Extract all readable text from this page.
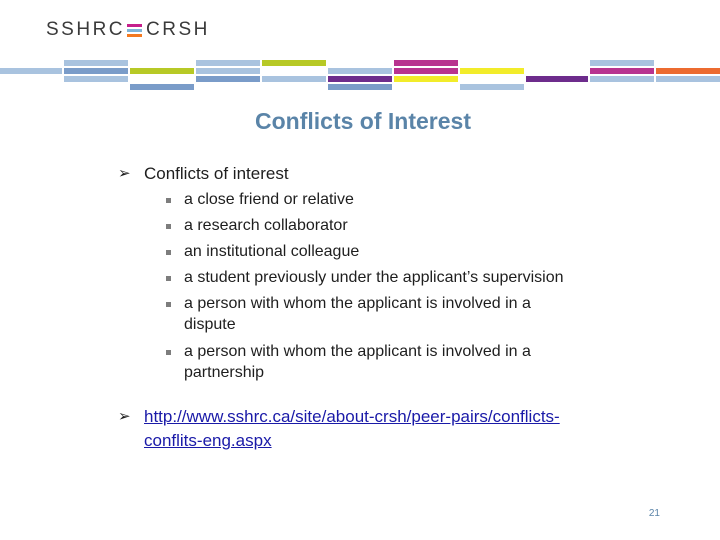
SSHRC CRSH
Conflicts of Interest
➢ Conflicts of interest
a close friend or relative
a research collaborator
an institutional colleague
a student previously under the applicant’s supervision
a person with whom the applicant is involved in a
dispute
a person with whom the applicant is involved in a
partnership
➢ http://www.sshrc.ca/site/about-crsh/peer-pairs/conflicts-
conflits-eng.aspx
21
